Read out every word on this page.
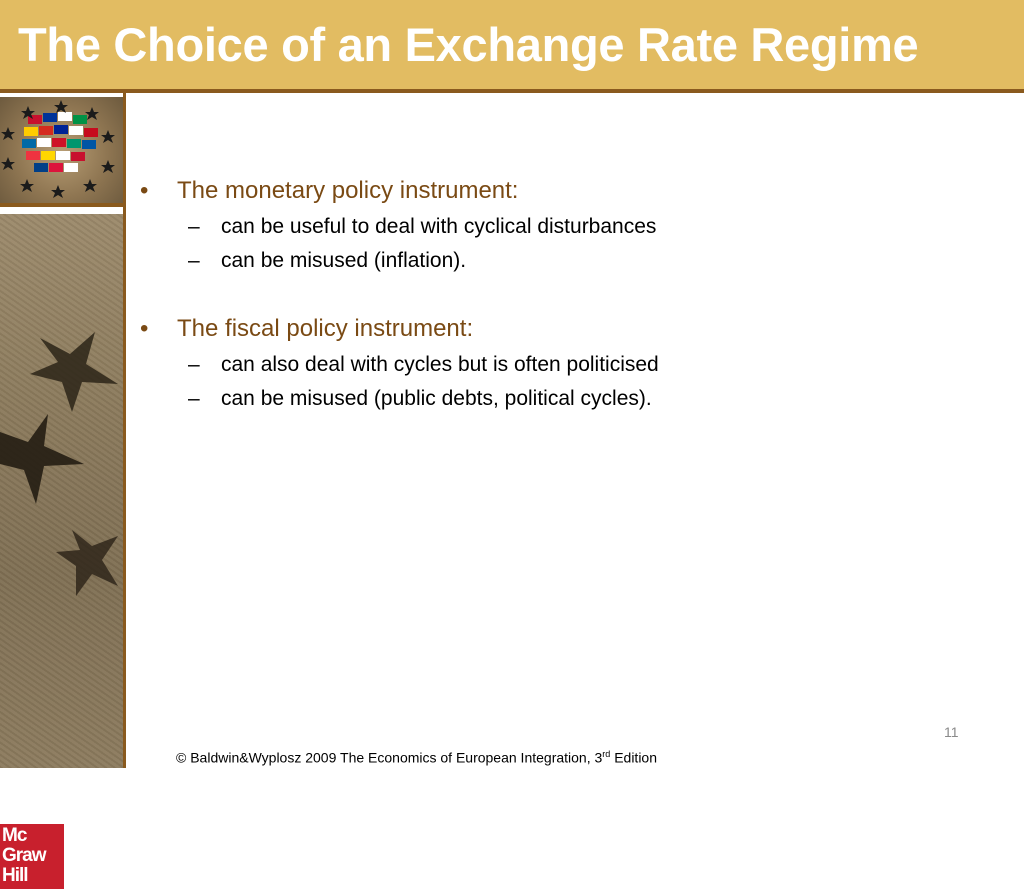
The Choice of an Exchange Rate Regime
Mc
Graw
Hill

• The monetary policy instrument:

– can be useful to deal with cyclical disturbances

– can be misused (inflation).

• The fiscal policy instrument:

– can also deal with cycles but is often politicised

– can be misused (public debts, political cycles).

11
© Baldwin&Wyplosz 2009 The Economics of European Integration, 3rd Edition
